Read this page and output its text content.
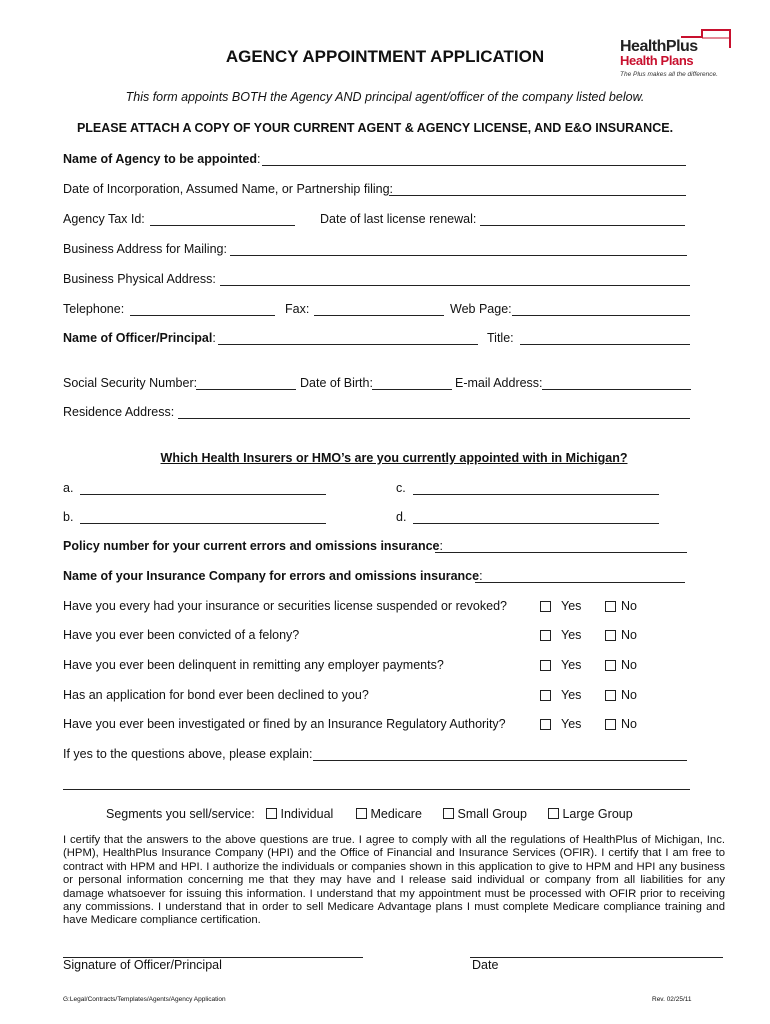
AGENCY APPOINTMENT APPLICATION
HealthPlus
Health Plans
The Plus makes all the difference.
This form appoints BOTH the Agency AND principal agent/officer of the company listed below.
PLEASE ATTACH A COPY OF YOUR CURRENT AGENT & AGENCY LICENSE, AND E&O INSURANCE.
Name of Agency to be appointed:
Date of Incorporation, Assumed Name, or Partnership filing:
Agency Tax Id:	Date of last license renewal:
Business Address for Mailing:
Business Physical Address:
Telephone:	Fax:	Web Page:
Name of Officer/Principal:	Title:
Social Security Number:	Date of Birth:	E-mail Address:
Residence Address:
Which Health Insurers or HMO’s are you currently appointed with in Michigan?
a.	c.
b.	d.
Policy number for your current errors and omissions insurance:
Name of your Insurance Company for errors and omissions insurance:
Have you every had your insurance or securities license suspended or revoked?	Yes	No
Have you ever been convicted of a felony?	Yes	No
Have you ever been delinquent in remitting any employer payments?	Yes	No
Has an application for bond ever been declined to you?	Yes	No
Have you ever been investigated or fined by an Insurance Regulatory Authority?	Yes	No
If yes to the questions above, please explain:
Segments you sell/service:	Individual	Medicare	Small Group	Large Group
I certify that the answers to the above questions are true. I agree to comply with all the regulations of HealthPlus of Michigan, Inc. (HPM), HealthPlus Insurance Company (HPI) and the Office of Financial and Insurance Services (OFIR). I certify that I am free to contract with HPM and HPI. I authorize the individuals or companies shown in this application to give to HPM and HPI any business or personal information concerning me that they may have and I release said individual or company from all liabilities for any damage whatsoever for issuing this information. I understand that my appointment must be processed with OFIR prior to receiving any commissions. I understand that in order to sell Medicare Advantage plans I must complete Medicare compliance training and have Medicare compliance certification.
Signature of Officer/Principal	Date
G:Legal/Contracts/Templates/Agents/Agency Application	Rev. 02/25/11
